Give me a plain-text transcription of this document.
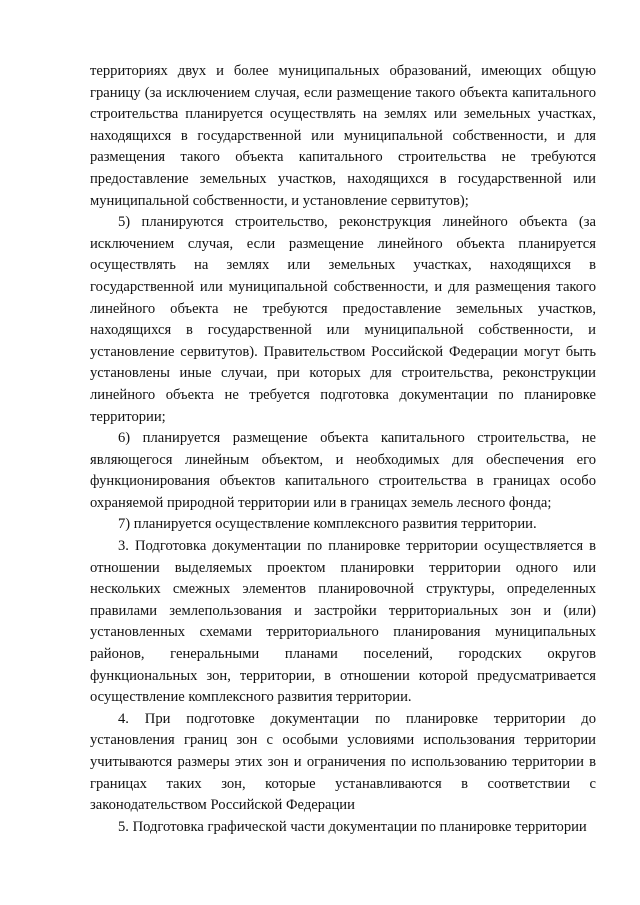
территориях двух и более муниципальных образований, имеющих общую границу (за исключением случая, если размещение такого объекта капитального строительства планируется осуществлять на землях или земельных участках, находящихся в государственной или муниципальной собственности, и для размещения такого объекта капитального строительства не требуются предоставление земельных участков, находящихся в государственной или муниципальной собственности, и установление сервитутов);

5) планируются строительство, реконструкция линейного объекта (за исключением случая, если размещение линейного объекта планируется осуществлять на землях или земельных участках, находящихся в государственной или муниципальной собственности, и для размещения такого линейного объекта не требуются предоставление земельных участков, находящихся в государственной или муниципальной собственности, и установление сервитутов). Правительством Российской Федерации могут быть установлены иные случаи, при которых для строительства, реконструкции линейного объекта не требуется подготовка документации по планировке территории;

6) планируется размещение объекта капитального строительства, не являющегося линейным объектом, и необходимых для обеспечения его функционирования объектов капитального строительства в границах особо охраняемой природной территории или в границах земель лесного фонда;

7) планируется осуществление комплексного развития территории.

3. Подготовка документации по планировке территории осуществляется в отношении выделяемых проектом планировки территории одного или нескольких смежных элементов планировочной структуры, определенных правилами землепользования и застройки территориальных зон и (или) установленных схемами территориального планирования муниципальных районов, генеральными планами поселений, городских округов функциональных зон, территории, в отношении которой предусматривается осуществление комплексного развития территории.

4. При подготовке документации по планировке территории до установления границ зон с особыми условиями использования территории учитываются размеры этих зон и ограничения по использованию территории в границах таких зон, которые устанавливаются в соответствии с законодательством Российской Федерации

5. Подготовка графической части документации по планировке территории
